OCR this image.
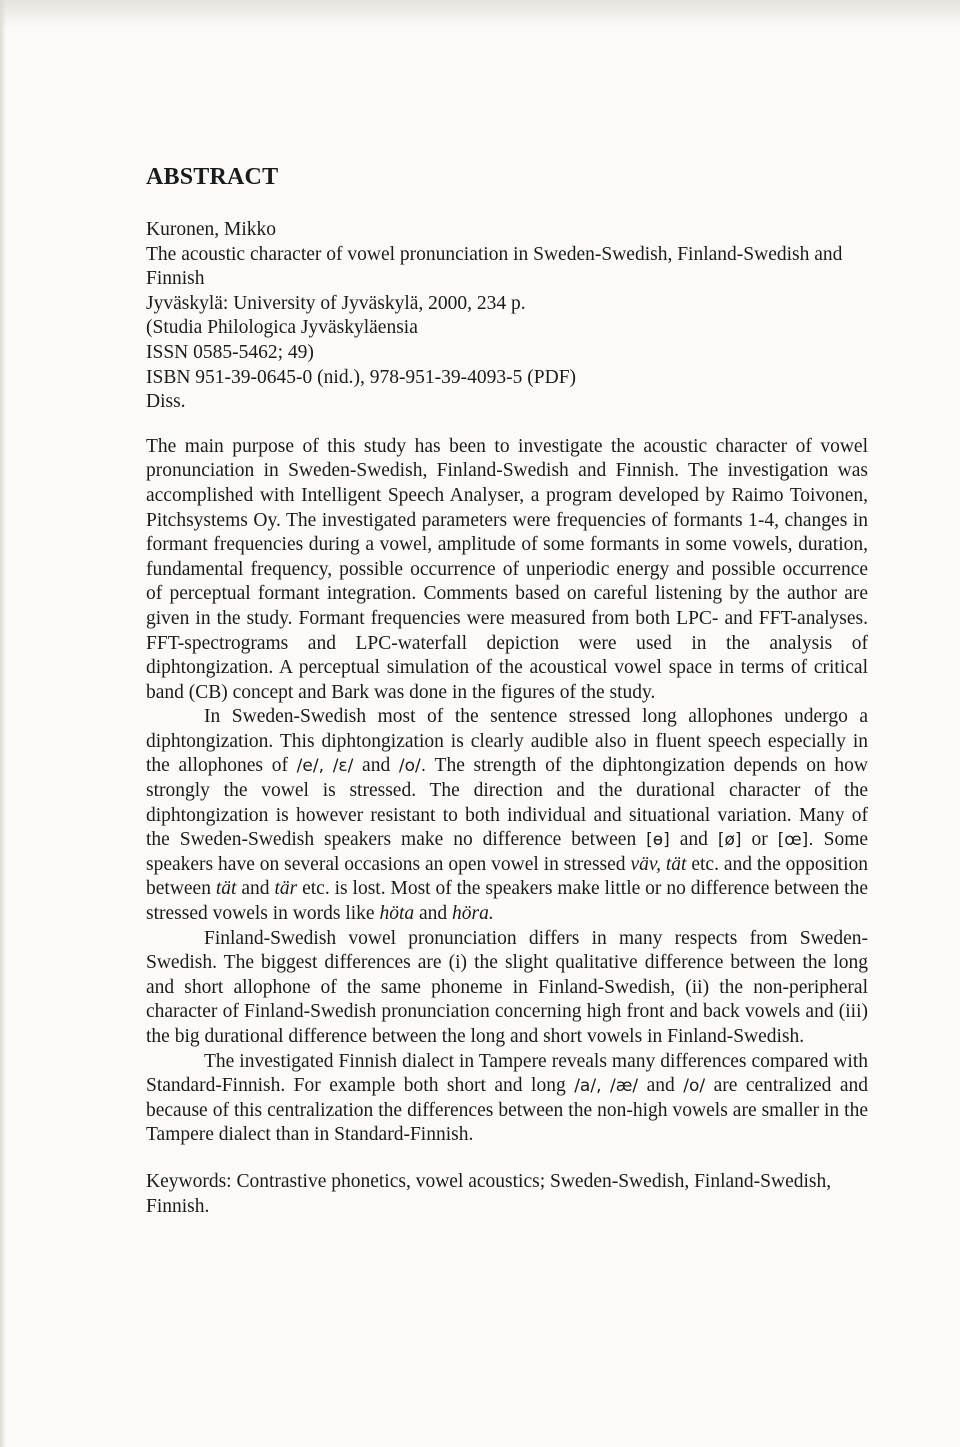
ABSTRACT
Kuronen, Mikko
The acoustic character of vowel pronunciation in Sweden-Swedish, Finland-Swedish and Finnish
Jyväskylä: University of Jyväskylä, 2000, 234 p.
(Studia Philologica Jyväskyläensia
ISSN 0585-5462; 49)
ISBN 951-39-0645-0 (nid.), 978-951-39-4093-5 (PDF)
Diss.

The main purpose of this study has been to investigate the acoustic character of vowel pronunciation in Sweden-Swedish, Finland-Swedish and Finnish. The investigation was accomplished with Intelligent Speech Analyser, a program developed by Raimo Toivonen, Pitchsystems Oy. The investigated parameters were frequencies of formants 1-4, changes in formant frequencies during a vowel, amplitude of some formants in some vowels, duration, fundamental frequency, possible occurrence of unperiodic energy and possible occurrence of perceptual formant integration. Comments based on careful listening by the author are given in the study. Formant frequencies were measured from both LPC- and FFT-analyses. FFT-spectrograms and LPC-waterfall depiction were used in the analysis of diphtongization. A perceptual simulation of the acoustical vowel space in terms of critical band (CB) concept and Bark was done in the figures of the study.

In Sweden-Swedish most of the sentence stressed long allophones undergo a diphtongization. This diphtongization is clearly audible also in fluent speech especially in the allophones of /e/, /ɛ/ and /o/. The strength of the diphtongization depends on how strongly the vowel is stressed. The direction and the durational character of the diphtongization is however resistant to both individual and situational variation. Many of the Sweden-Swedish speakers make no difference between [ɵ] and [ø] or [œ]. Some speakers have on several occasions an open vowel in stressed väv, tät etc. and the opposition between tät and tär etc. is lost. Most of the speakers make little or no difference between the stressed vowels in words like höta and höra.

Finland-Swedish vowel pronunciation differs in many respects from Sweden-Swedish. The biggest differences are (i) the slight qualitative difference between the long and short allophone of the same phoneme in Finland-Swedish, (ii) the non-peripheral character of Finland-Swedish pronunciation concerning high front and back vowels and (iii) the big durational difference between the long and short vowels in Finland-Swedish.

The investigated Finnish dialect in Tampere reveals many differences compared with Standard-Finnish. For example both short and long /a/, /æ/ and /o/ are centralized and because of this centralization the differences between the non-high vowels are smaller in the Tampere dialect than in Standard-Finnish.

Keywords: Contrastive phonetics, vowel acoustics; Sweden-Swedish, Finland-Swedish, Finnish.
